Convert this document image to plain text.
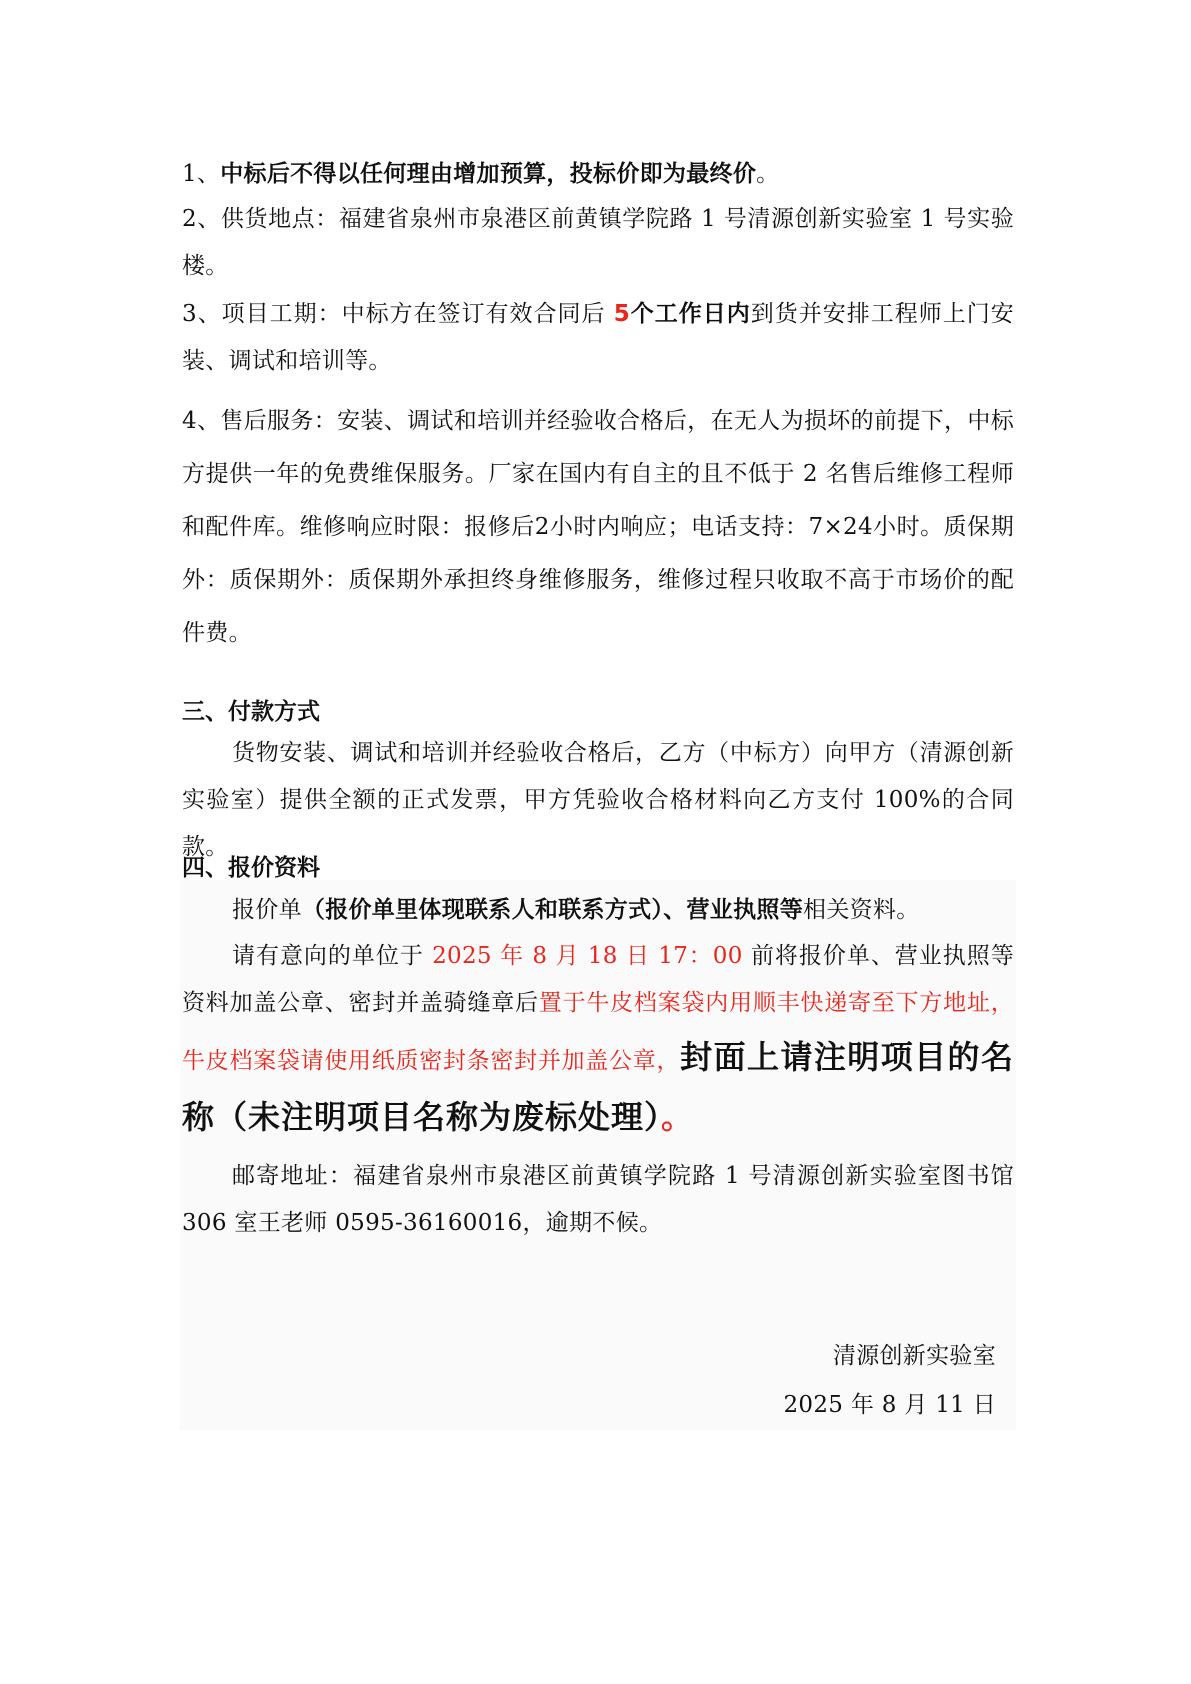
1、中标后不得以任何理由增加预算，投标价即为最终价。

2、供货地点：福建省泉州市泉港区前黄镇学院路 1 号清源创新实验室 1 号实验楼。

3、项目工期：中标方在签订有效合同后 5个工作日内到货并安排工程师上门安装、调试和培训等。

4、售后服务：安装、调试和培训并经验收合格后，在无人为损坏的前提下，中标方提供一年的免费维保服务。厂家在国内有自主的且不低于 2 名售后维修工程师和配件库。维修响应时限：报修后2小时内响应；电话支持：7×24小时。质保期外：质保期外：质保期外承担终身维修服务，维修过程只收取不高于市场价的配件费。

三、付款方式

货物安装、调试和培训并经验收合格后，乙方（中标方）向甲方（清源创新实验室）提供全额的正式发票，甲方凭验收合格材料向乙方支付 100%的合同款。

四、报价资料

报价单（报价单里体现联系人和联系方式）、营业执照等相关资料。

请有意向的单位于 2025 年 8 月 18 日 17：00 前将报价单、营业执照等资料加盖公章、密封并盖骑缝章后置于牛皮档案袋内用顺丰快递寄至下方地址，牛皮档案袋请使用纸质密封条密封并加盖公章，封面上请注明项目的名称（未注明项目名称为废标处理）。

邮寄地址：福建省泉州市泉港区前黄镇学院路 1 号清源创新实验室图书馆 306 室王老师 0595-36160016，逾期不候。

清源创新实验室

2025 年 8 月 11 日
